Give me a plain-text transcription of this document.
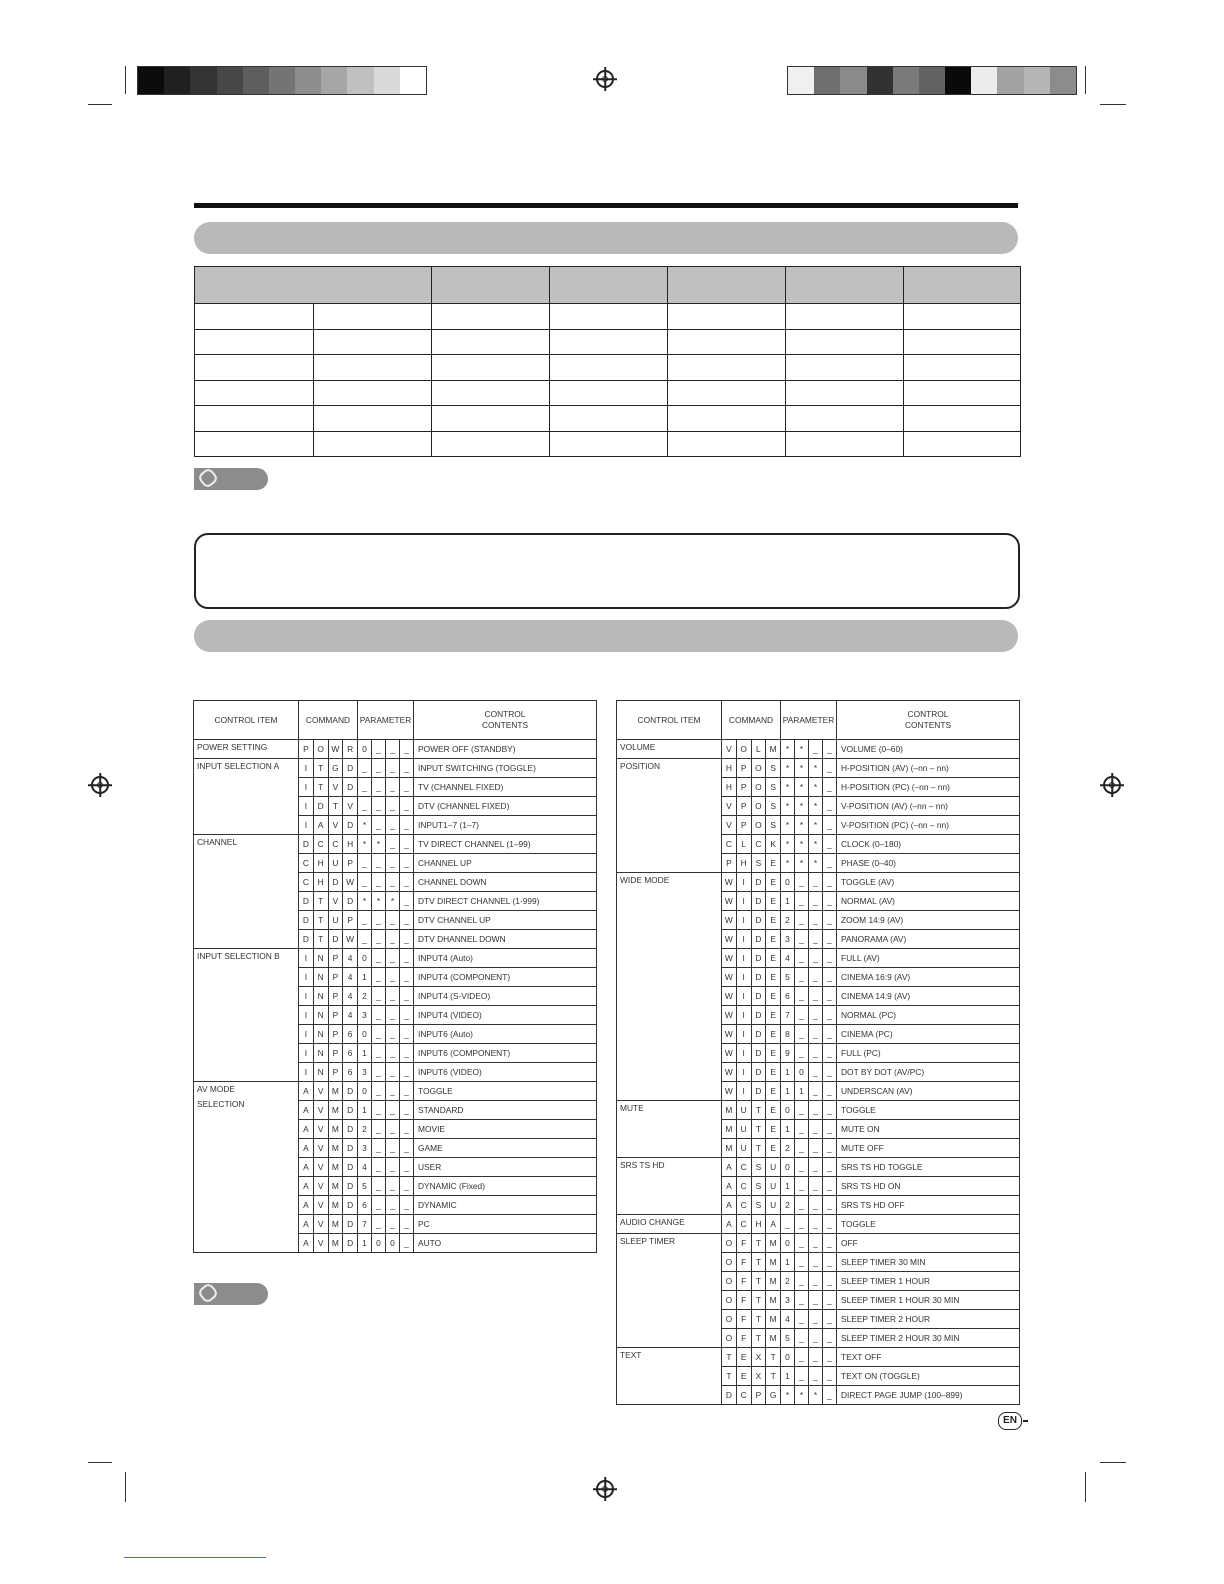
CONTROL ITEM	COMMAND				PARAMETER				CONTROL
CONTENTS
POWER SETTING	P	O	W	R	0	_	_	_	POWER OFF (STANDBY)
INPUT SELECTION A	I	T	G	D	_	_	_	_	INPUT SWITCHING (TOGGLE)
	I	T	V	D	_	_	_	_	TV (CHANNEL FIXED)
	I	D	T	V	_	_	_	_	DTV (CHANNEL FIXED)
	I	A	V	D	*	_	_	_	INPUT1–7 (1–7)
CHANNEL	D	C	C	H	*	*	_	_	TV DIRECT CHANNEL (1–99)
	C	H	U	P	_	_	_	_	CHANNEL UP
	C	H	D	W	_	_	_	_	CHANNEL DOWN
	D	T	V	D	*	*	*	_	DTV DIRECT CHANNEL (1-999)
	D	T	U	P	_	_	_	_	DTV CHANNEL UP
	D	T	D	W	_	_	_	_	DTV DHANNEL DOWN
INPUT SELECTION B	I	N	P	4	0	_	_	_	INPUT4 (Auto)
	I	N	P	4	1	_	_	_	INPUT4 (COMPONENT)
	I	N	P	4	2	_	_	_	INPUT4 (S-VIDEO)
	I	N	P	4	3	_	_	_	INPUT4 (VIDEO)
	I	N	P	6	0	_	_	_	INPUT6 (Auto)
	I	N	P	6	1	_	_	_	INPUT6 (COMPONENT)
	I	N	P	6	3	_	_	_	INPUT6 (VIDEO)
AV MODE
SELECTION	A	V	M	D	0	_	_	_	TOGGLE
	A	V	M	D	1	_	_	_	STANDARD
	A	V	M	D	2	_	_	_	MOVIE
	A	V	M	D	3	_	_	_	GAME
	A	V	M	D	4	_	_	_	USER
	A	V	M	D	5	_	_	_	DYNAMIC (Fixed)
	A	V	M	D	6	_	_	_	DYNAMIC
	A	V	M	D	7	_	_	_	PC
	A	V	M	D	1	0	0	_	AUTO
CONTROL ITEM	COMMAND				PARAMETER				CONTROL
CONTENTS
VOLUME	V	O	L	M	*	*	_	_	VOLUME (0–60)
POSITION	H	P	O	S	*	*	*	_	H-POSITION (AV) (–nn – nn)
	H	P	O	S	*	*	*	_	H-POSITION (PC) (–nn – nn)
	V	P	O	S	*	*	*	_	V-POSITION (AV) (–nn – nn)
	V	P	O	S	*	*	*	_	V-POSITION (PC) (–nn – nn)
	C	L	C	K	*	*	*	_	CLOCK (0–180)
	P	H	S	E	*	*	*	_	PHASE (0–40)
WIDE MODE	W	I	D	E	0	_	_	_	TOGGLE (AV)
	W	I	D	E	1	_	_	_	NORMAL (AV)
	W	I	D	E	2	_	_	_	ZOOM 14:9 (AV)
	W	I	D	E	3	_	_	_	PANORAMA (AV)
	W	I	D	E	4	_	_	_	FULL (AV)
	W	I	D	E	5	_	_	_	CINEMA 16:9 (AV)
	W	I	D	E	6	_	_	_	CINEMA 14:9 (AV)
	W	I	D	E	7	_	_	_	NORMAL (PC)
	W	I	D	E	8	_	_	_	CINEMA (PC)
	W	I	D	E	9	_	_	_	FULL (PC)
	W	I	D	E	1	0	_	_	DOT BY DOT (AV/PC)
	W	I	D	E	1	1	_	_	UNDERSCAN (AV)
MUTE	M	U	T	E	0	_	_	_	TOGGLE
	M	U	T	E	1	_	_	_	MUTE ON
	M	U	T	E	2	_	_	_	MUTE OFF
SRS TS HD	A	C	S	U	0	_	_	_	SRS TS HD TOGGLE
	A	C	S	U	1	_	_	_	SRS TS HD ON
	A	C	S	U	2	_	_	_	SRS TS HD OFF
AUDIO CHANGE	A	C	H	A	_	_	_	_	TOGGLE
SLEEP TIMER	O	F	T	M	0	_	_	_	OFF
	O	F	T	M	1	_	_	_	SLEEP TIMER 30 MIN
	O	F	T	M	2	_	_	_	SLEEP TIMER 1 HOUR
	O	F	T	M	3	_	_	_	SLEEP TIMER 1 HOUR 30 MIN
	O	F	T	M	4	_	_	_	SLEEP TIMER 2 HOUR
	O	F	T	M	5	_	_	_	SLEEP TIMER 2 HOUR 30 MIN
TEXT	T	E	X	T	0	_	_	_	TEXT OFF
	T	E	X	T	1	_	_	_	TEXT ON (TOGGLE)
	D	C	P	G	*	*	*	_	DIRECT PAGE JUMP (100–899)
EN
